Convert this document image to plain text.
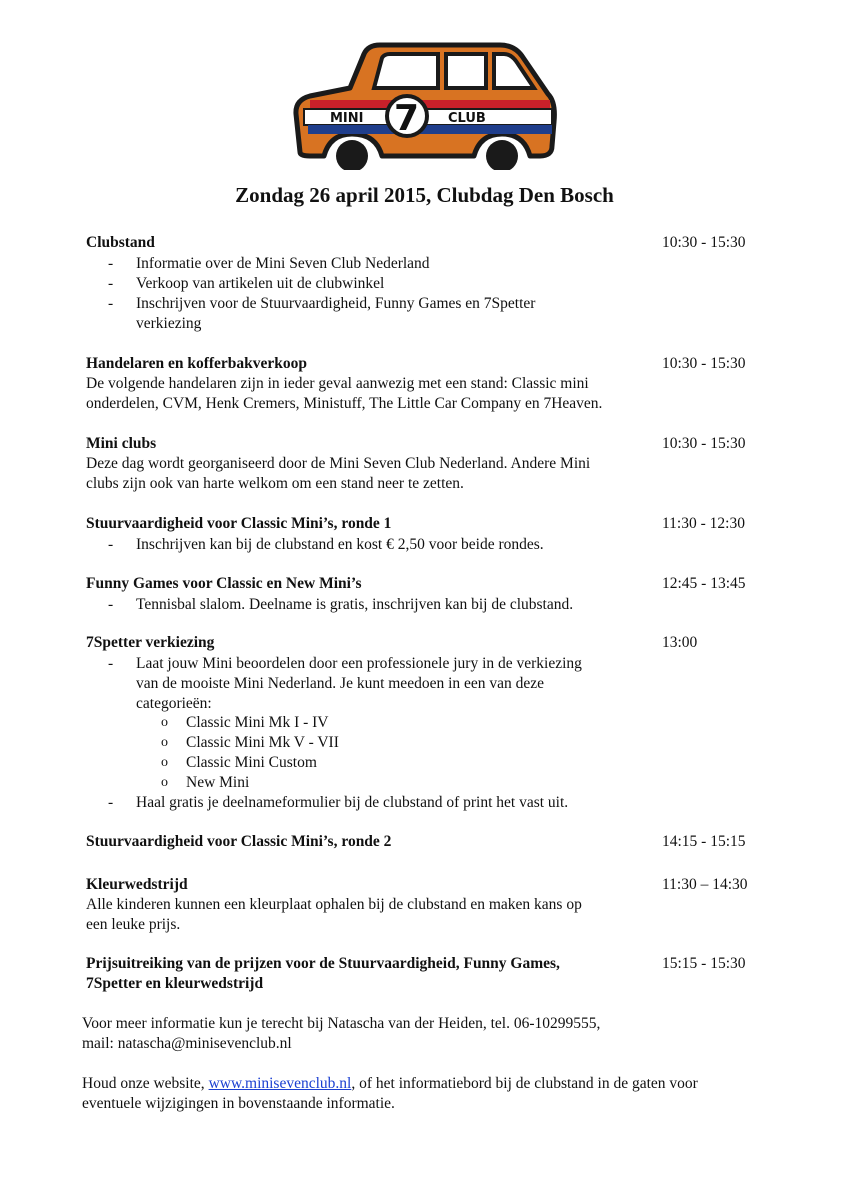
MINI	CLUB
7
Zondag 26 april 2015, Clubdag Den Bosch
Clubstand	10:30 - 15:30
- Informatie over de Mini Seven Club Nederland
- Verkoop van artikelen uit de clubwinkel
- Inschrijven voor de Stuurvaardigheid, Funny Games en 7Spetter
verkiezing
Handelaren en kofferbakverkoop	10:30 - 15:30
De volgende handelaren zijn in ieder geval aanwezig met een stand: Classic mini
onderdelen, CVM, Henk Cremers, Ministuff, The Little Car Company en 7Heaven.
Mini clubs	10:30 - 15:30
Deze dag wordt georganiseerd door de Mini Seven Club Nederland. Andere Mini
clubs zijn ook van harte welkom om een stand neer te zetten.
Stuurvaardigheid voor Classic Mini’s, ronde 1	11:30 - 12:30
- Inschrijven kan bij de clubstand en kost € 2,50 voor beide rondes.
Funny Games voor Classic en New Mini’s	12:45 - 13:45
- Tennisbal slalom. Deelname is gratis, inschrijven kan bij de clubstand.
7Spetter verkiezing	13:00
- Laat jouw Mini beoordelen door een professionele jury in de verkiezing
van de mooiste Mini Nederland. Je kunt meedoen in een van deze
categorieën:
o Classic Mini Mk I - IV
o Classic Mini Mk V - VII
o Classic Mini Custom
o New Mini
- Haal gratis je deelnameformulier bij de clubstand of print het vast uit.
Stuurvaardigheid voor Classic Mini’s, ronde 2	14:15 - 15:15
Kleurwedstrijd	11:30 – 14:30
Alle kinderen kunnen een kleurplaat ophalen bij de clubstand en maken kans op
een leuke prijs.
Prijsuitreiking van de prijzen voor de Stuurvaardigheid, Funny Games,
7Spetter en kleurwedstrijd
15:15 - 15:30
Voor meer informatie kun je terecht bij Natascha van der Heiden, tel. 06-10299555,
mail: natascha@minisevenclub.nl
Houd onze website, www.minisevenclub.nl, of het informatiebord bij de clubstand in de gaten voor
eventuele wijzigingen in bovenstaande informatie.
